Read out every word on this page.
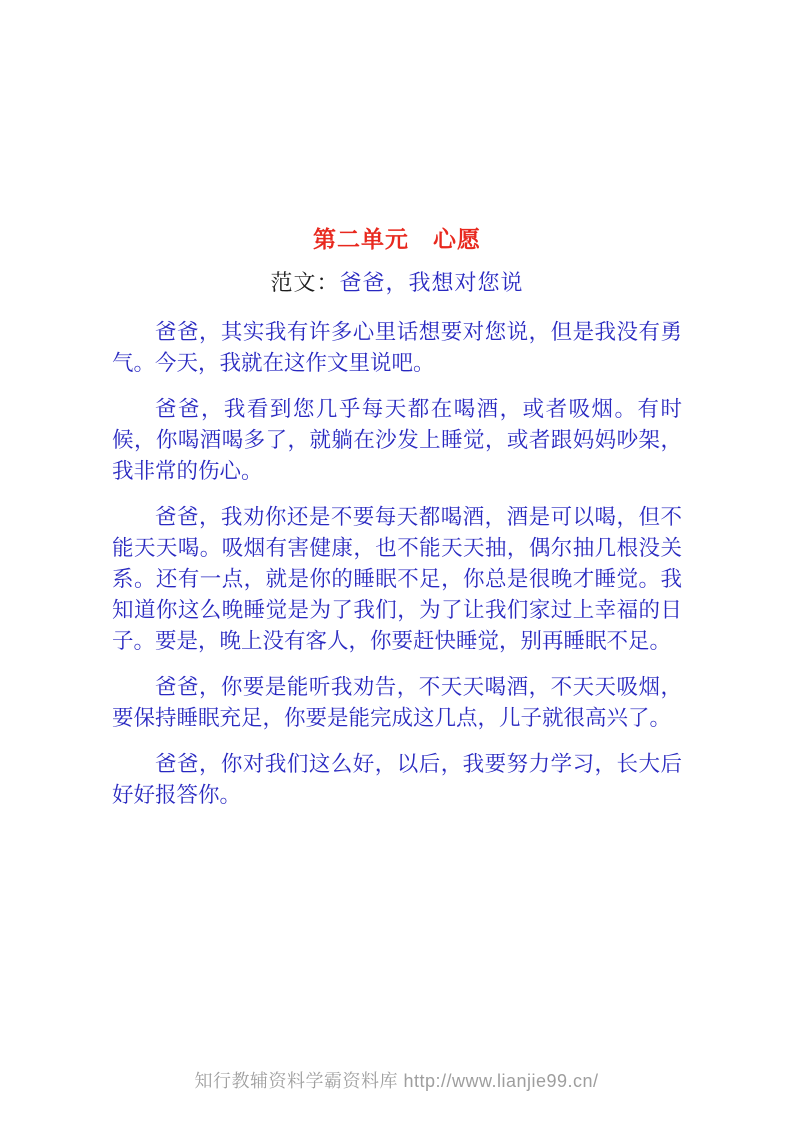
第二单元　心愿
范文：爸爸，我想对您说

爸爸，其实我有许多心里话想要对您说，但是我没有勇气。今天，我就在这作文里说吧。

爸爸，我看到您几乎每天都在喝酒，或者吸烟。有时候，你喝酒喝多了，就躺在沙发上睡觉，或者跟妈妈吵架，我非常的伤心。

爸爸，我劝你还是不要每天都喝酒，酒是可以喝，但不能天天喝。吸烟有害健康，也不能天天抽，偶尔抽几根没关系。还有一点，就是你的睡眠不足，你总是很晚才睡觉。我知道你这么晚睡觉是为了我们，为了让我们家过上幸福的日子。要是，晚上没有客人，你要赶快睡觉，别再睡眠不足。

爸爸，你要是能听我劝告，不天天喝酒，不天天吸烟，要保持睡眠充足，你要是能完成这几点，儿子就很高兴了。

爸爸，你对我们这么好，以后，我要努力学习，长大后好好报答你。

知行教辅资料学霸资料库 http://www.lianjie99.cn/
